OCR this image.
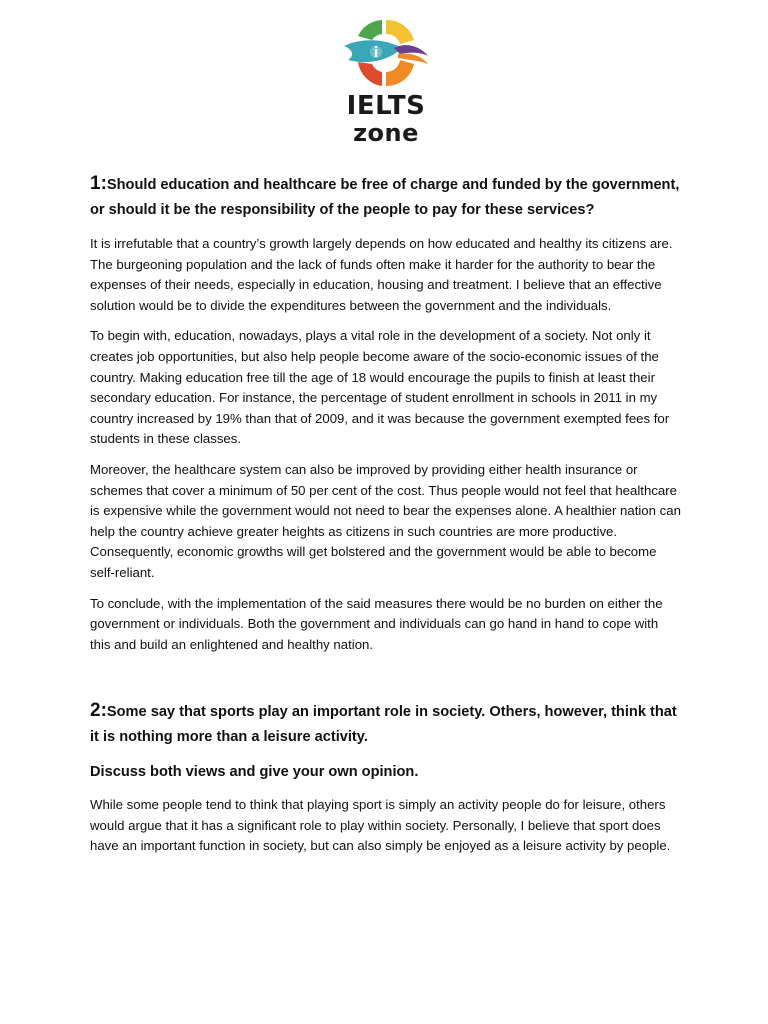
i
IELTS
zone
1:Should education and healthcare be free of charge and funded by the government, or should it be the responsibility of the people to pay for these services?

It is irrefutable that a country’s growth largely depends on how educated and healthy its citizens are. The burgeoning population and the lack of funds often make it harder for the authority to bear the expenses of their needs, especially in education, housing and treatment. I believe that an effective solution would be to divide the expenditures between the government and the individuals.

To begin with, education, nowadays, plays a vital role in the development of a society. Not only it creates job opportunities, but also help people become aware of the socio-economic issues of the country. Making education free till the age of 18 would encourage the pupils to finish at least their secondary education. For instance, the percentage of student enrollment in schools in 2011 in my country increased by 19% than that of 2009, and it was because the government exempted fees for students in these classes.

Moreover, the healthcare system can also be improved by providing either health insurance or schemes that cover a minimum of 50 per cent of the cost. Thus people would not feel that healthcare is expensive while the government would not need to bear the expenses alone. A healthier nation can help the country achieve greater heights as citizens in such countries are more productive. Consequently, economic growths will get bolstered and the government would be able to become self-reliant.

To conclude, with the implementation of the said measures there would be no burden on either the government or individuals. Both the government and individuals can go hand in hand to cope with this and build an enlightened and healthy nation.

2:Some say that sports play an important role in society. Others, however, think that it is nothing more than a leisure activity.
Discuss both views and give your own opinion.

While some people tend to think that playing sport is simply an activity people do for leisure, others would argue that it has a significant role to play within society. Personally, I believe that sport does have an important function in society, but can also simply be enjoyed as a leisure activity by people.
